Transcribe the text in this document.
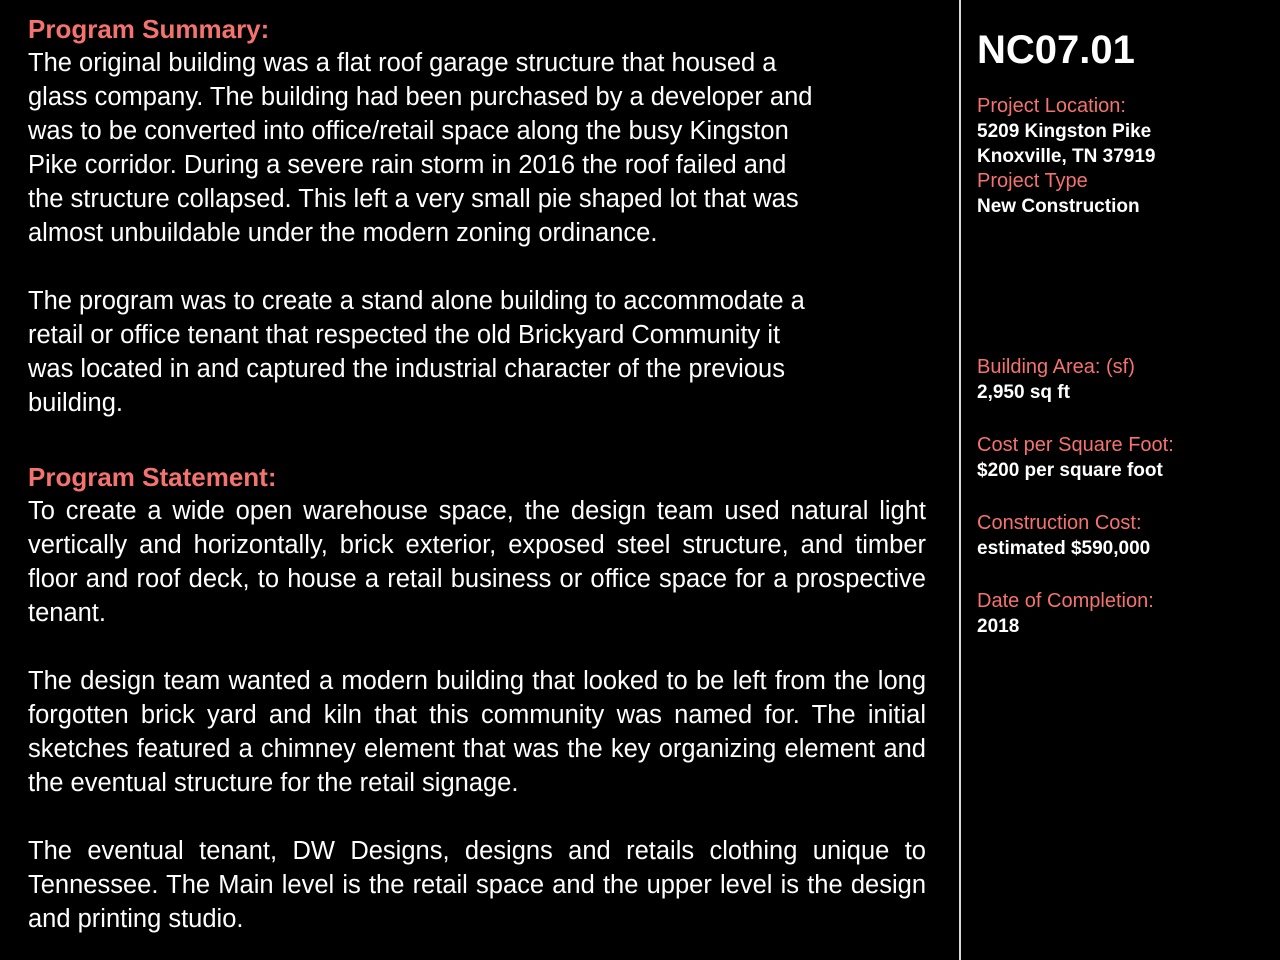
Program Summary:

The original building was a flat roof garage structure that housed a
glass company. The building had been purchased by a developer and
was to be converted into office/retail space along the busy Kingston
Pike corridor. During a severe rain storm in 2016 the roof failed and
the structure collapsed. This left a very small pie shaped lot that was
almost unbuildable under the modern zoning ordinance.

The program was to create a stand alone building to accommodate a
retail or office tenant that respected the old Brickyard Community it
was located in and captured the industrial character of the previous
building.

Program Statement:

To create a wide open warehouse space, the design team used natural light vertically and horizontally, brick exterior, exposed steel structure, and timber floor and roof deck, to house a retail business or office space for a prospective tenant.

The design team wanted a modern building that looked to be left from the long forgotten brick yard and kiln that this community was named for. The initial sketches featured a chimney element that was the key organizing element and the eventual structure for the retail signage.

The eventual tenant, DW Designs, designs and retails clothing unique to Tennessee. The Main level is the retail space and the upper level is the design and printing studio.

NC07.01
Project Location:
5209 Kingston Pike
Knoxville, TN 37919
Project Type
New Construction
Building Area: (sf)
2,950 sq ft
Cost per Square Foot:
$200 per square foot
Construction Cost:
estimated $590,000
Date of Completion:
2018
